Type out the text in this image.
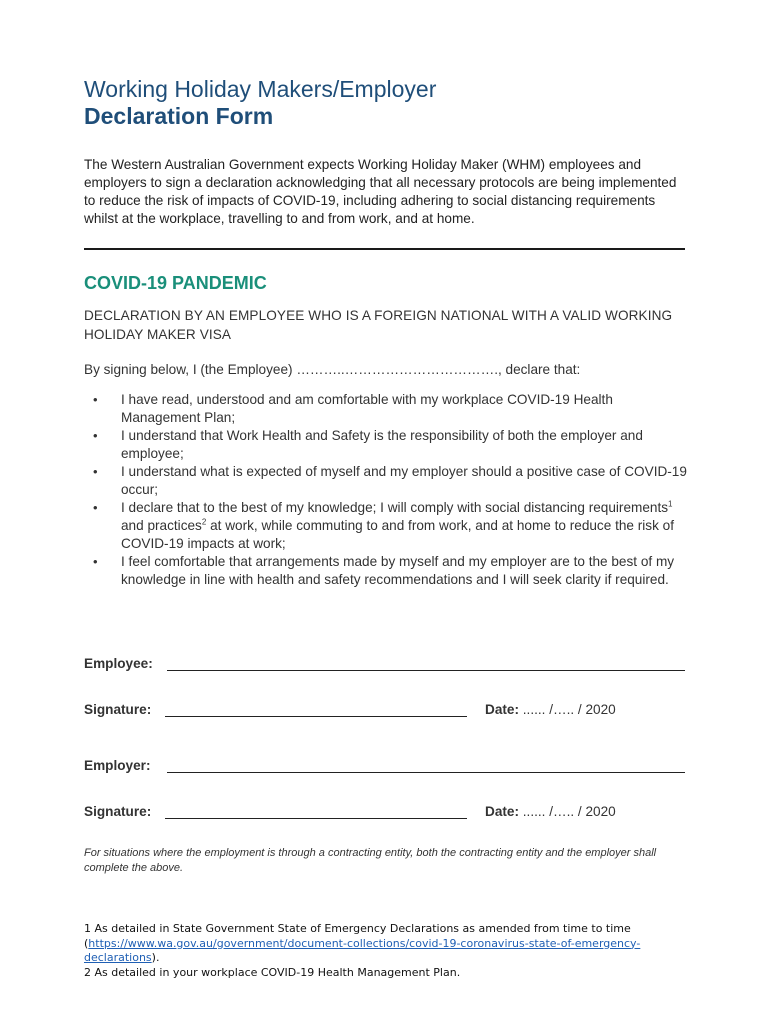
Working Holiday Makers/Employer
Declaration Form

The Western Australian Government expects Working Holiday Maker (WHM) employees and employers to sign a declaration acknowledging that all necessary protocols are being implemented to reduce the risk of impacts of COVID-19, including adhering to social distancing requirements whilst at the workplace, travelling to and from work, and at home.

COVID-19 PANDEMIC
DECLARATION BY AN EMPLOYEE WHO IS A FOREIGN NATIONAL WITH A VALID WORKING HOLIDAY MAKER VISA
By signing below, I (the Employee) ………..……………………………., declare that:
• I have read, understood and am comfortable with my workplace COVID-19 Health Management Plan;
• I understand that Work Health and Safety is the responsibility of both the employer and employee;
• I understand what is expected of myself and my employer should a positive case of COVID-19 occur;
• I declare that to the best of my knowledge; I will comply with social distancing requirements$^1$ and practices$^2$ at work, while commuting to and from work, and at home to reduce the risk of COVID-19 impacts at work;
• I feel comfortable that arrangements made by myself and my employer are to the best of my knowledge in line with health and safety recommendations and I will seek clarity if required.
Employee:
Signature:	Date: ...... /….. / 2020
Employer:
Signature:	Date: ...... /….. / 2020
For situations where the employment is through a contracting entity, both the contracting entity and the employer shall complete the above.
1 As detailed in State Government State of Emergency Declarations as amended from time to time (https://www.wa.gov.au/government/document-collections/covid-19-coronavirus-state-of-emergency-declarations).
2 As detailed in your workplace COVID-19 Health Management Plan.
